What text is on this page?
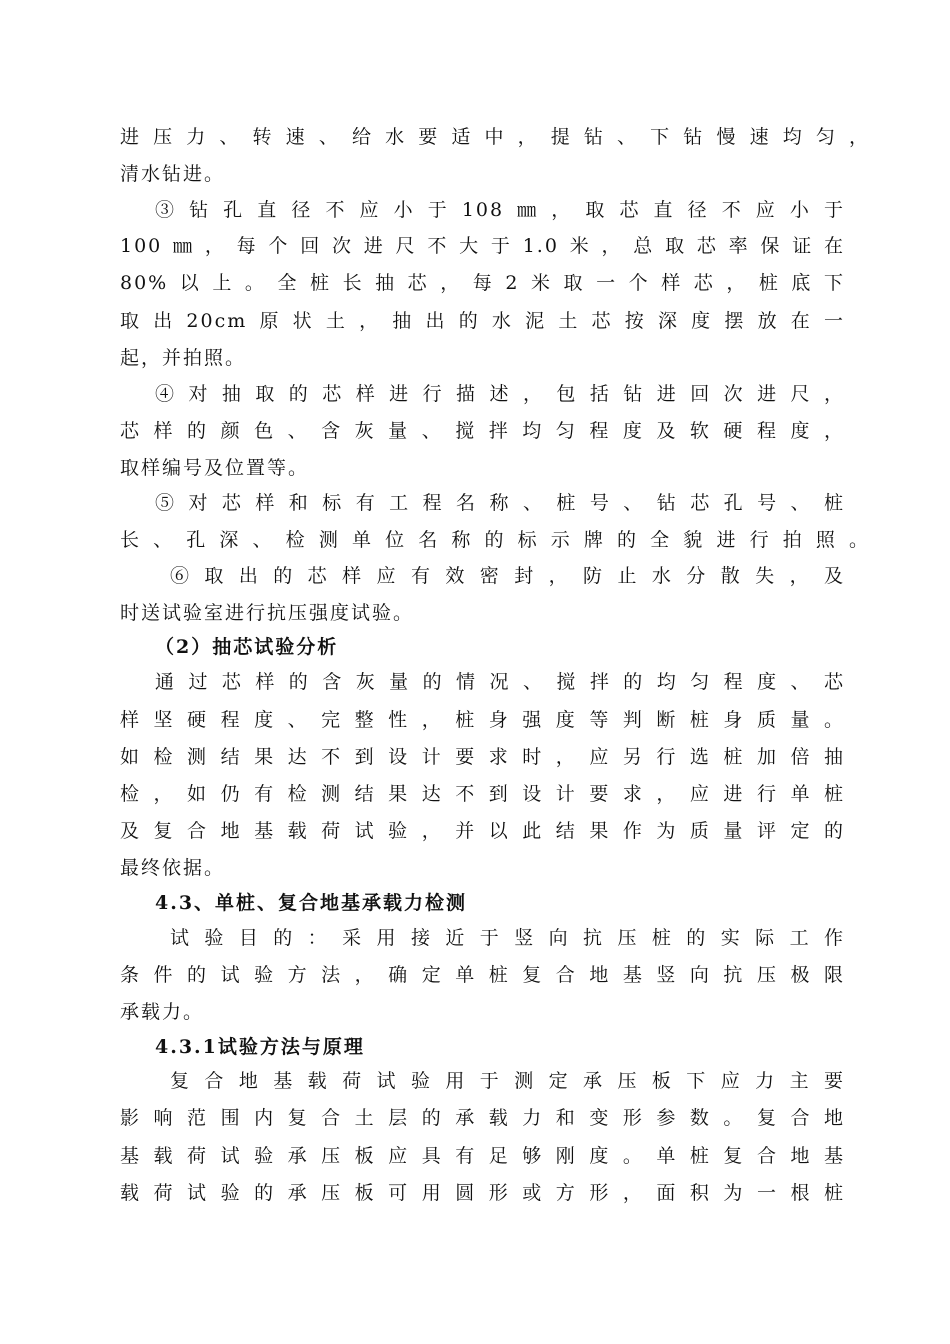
进压力、转速、给水要适中，提钻、下钻慢速均匀，
清水钻进。
③钻孔直径不应小于108㎜，取芯直径不应小于
100㎜，每个回次进尺不大于1.0米，总取芯率保证在
80%以上。全桩长抽芯，每2米取一个样芯，桩底下
取出20cm原状土，抽出的水泥土芯按深度摆放在一
起，并拍照。
④对抽取的芯样进行描述，包括钻进回次进尺，
芯样的颜色、含灰量、搅拌均匀程度及软硬程度，
取样编号及位置等。
⑤对芯样和标有工程名称、桩号、钻芯孔号、桩
长、孔深、检测单位名称的标示牌的全貌进行拍照。
⑥取出的芯样应有效密封，防止水分散失，及
时送试验室进行抗压强度试验。
（2）抽芯试验分析
通过芯样的含灰量的情况、搅拌的均匀程度、芯
样坚硬程度、完整性，桩身强度等判断桩身质量。
如检测结果达不到设计要求时，应另行选桩加倍抽
检，如仍有检测结果达不到设计要求，应进行单桩
及复合地基载荷试验，并以此结果作为质量评定的
最终依据。
4.3、单桩、复合地基承载力检测
试验目的：采用接近于竖向抗压桩的实际工作
条件的试验方法，确定单桩复合地基竖向抗压极限
承载力。
4.3.1试验方法与原理
复合地基载荷试验用于测定承压板下应力主要
影响范围内复合土层的承载力和变形参数。复合地
基载荷试验承压板应具有足够刚度。单桩复合地基
载荷试验的承压板可用圆形或方形，面积为一根桩
